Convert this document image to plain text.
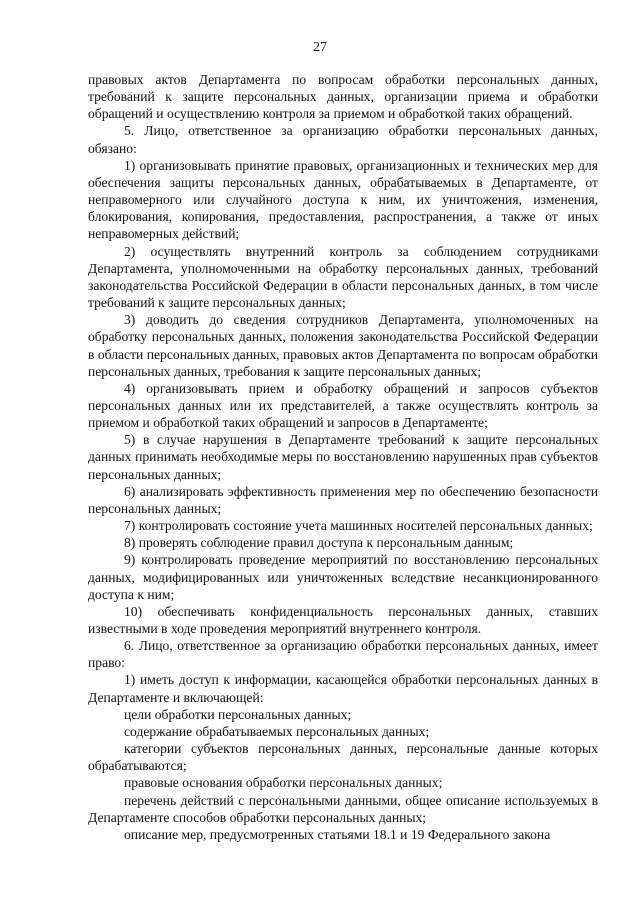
27

правовых актов Департамента по вопросам обработки персональных данных, требований к защите персональных данных, организации приема и обработки обращений и осуществлению контроля за приемом и обработкой таких обращений.

5. Лицо, ответственное за организацию обработки персональных данных, обязано:

1) организовывать принятие правовых, организационных и технических мер для обеспечения защиты персональных данных, обрабатываемых в Департаменте, от неправомерного или случайного доступа к ним, их уничтожения, изменения, блокирования, копирования, предоставления, распространения, а также от иных неправомерных действий;

2) осуществлять внутренний контроль за соблюдением сотрудниками Департамента, уполномоченными на обработку персональных данных, требований законодательства Российской Федерации в области персональных данных, в том числе требований к защите персональных данных;

3) доводить до сведения сотрудников Департамента, уполномоченных на обработку персональных данных, положения законодательства Российской Федерации в области персональных данных, правовых актов Департамента по вопросам обработки персональных данных, требования к защите персональных данных;

4) организовывать прием и обработку обращений и запросов субъектов персональных данных или их представителей, а также осуществлять контроль за приемом и обработкой таких обращений и запросов в Департаменте;

5) в случае нарушения в Департаменте требований к защите персональных данных принимать необходимые меры по восстановлению нарушенных прав субъектов персональных данных;

6) анализировать эффективность применения мер по обеспечению безопасности персональных данных;

7) контролировать состояние учета машинных носителей персональных данных;

8) проверять соблюдение правил доступа к персональным данным;

9) контролировать проведение мероприятий по восстановлению персональных данных, модифицированных или уничтоженных вследствие несанкционированного доступа к ним;

10) обеспечивать конфиденциальность персональных данных, ставших известными в ходе проведения мероприятий внутреннего контроля.

6. Лицо, ответственное за организацию обработки персональных данных, имеет право:

1) иметь доступ к информации, касающейся обработки персональных данных в Департаменте и включающей:

цели обработки персональных данных;

содержание обрабатываемых персональных данных;

категории субъектов персональных данных, персональные данные которых обрабатываются;

правовые основания обработки персональных данных;

перечень действий с персональными данными, общее описание используемых в Департаменте способов обработки персональных данных;

описание мер, предусмотренных статьями 18.1 и 19 Федерального закона
